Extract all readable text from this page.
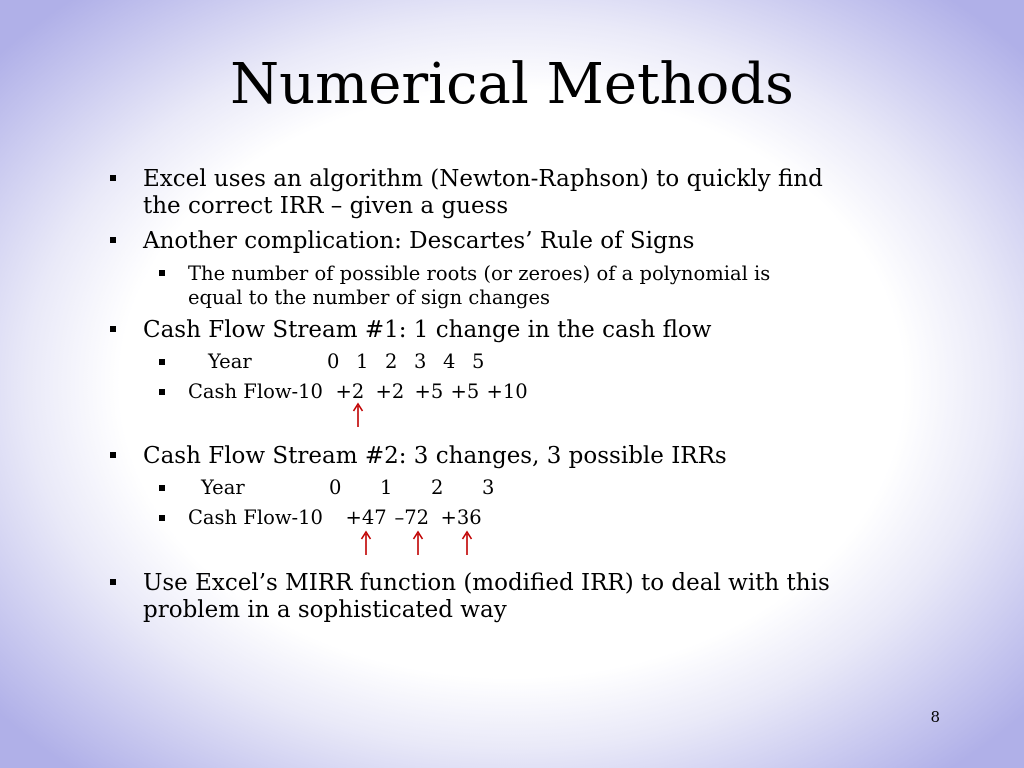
Numerical Methods
Excel uses an algorithm (Newton-Raphson) to quickly find
the correct IRR – given a guess
Another complication: Descartes’ Rule of Signs
The number of possible roots (or zeroes) of a polynomial is
equal to the number of sign changes
Cash Flow Stream #1: 1 change in the cash flow
Year	0 1 2 3 4 5
Cash Flow-10 +2 +2 +5 +5 +10
Cash Flow Stream #2: 3 changes, 3 possible IRRs
Year	0 1 2 3
Cash Flow-10 +47 –72 +36
Use Excel’s MIRR function (modified IRR) to deal with this
problem in a sophisticated way
8
